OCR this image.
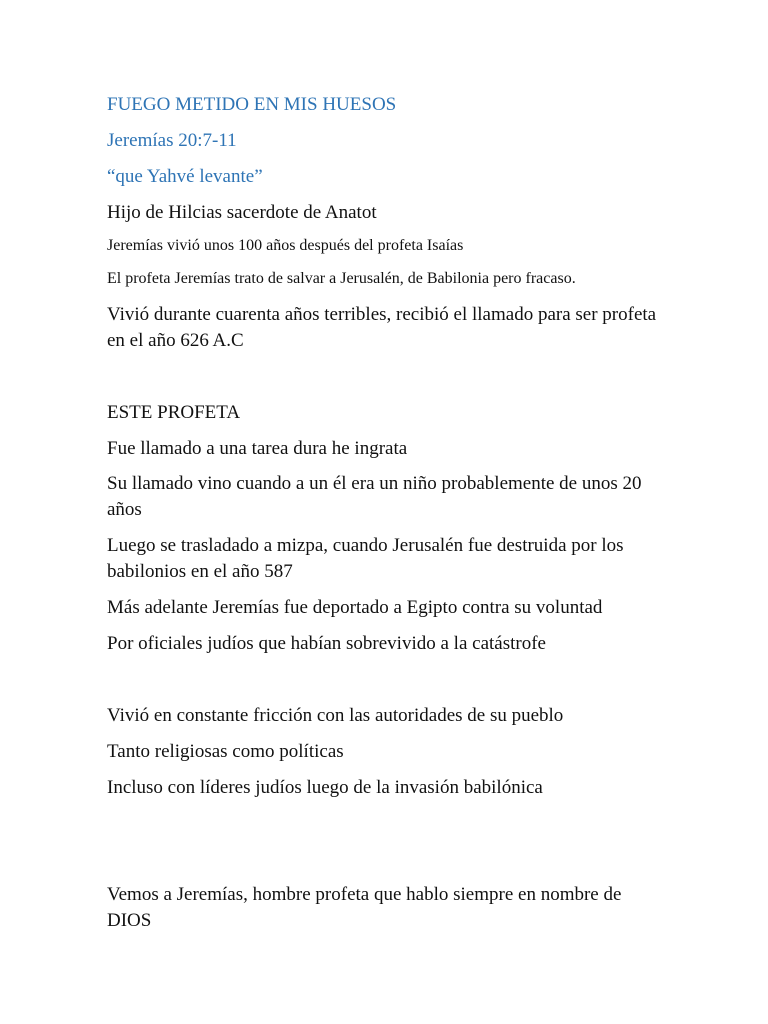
FUEGO METIDO EN MIS HUESOS

Jeremías 20:7-11

“que Yahvé levante”

Hijo de Hilcias sacerdote de Anatot

Jeremías vivió unos 100 años después del profeta Isaías

El profeta Jeremías trato de salvar a Jerusalén, de Babilonia pero fracaso.

Vivió durante cuarenta años terribles, recibió el llamado para ser profeta en el año 626 A.C

ESTE PROFETA

Fue llamado a una tarea dura he ingrata

Su llamado vino cuando a un él era un niño probablemente de unos 20 años

Luego se trasladado a mizpa, cuando Jerusalén fue destruida por los babilonios en el año 587

Más adelante Jeremías fue deportado a Egipto contra su voluntad

Por oficiales judíos que habían sobrevivido a la catástrofe

Vivió en constante fricción con las autoridades de su pueblo

Tanto religiosas como políticas

Incluso con líderes judíos luego de la invasión babilónica

Vemos a Jeremías, hombre profeta que hablo siempre en nombre de DIOS
